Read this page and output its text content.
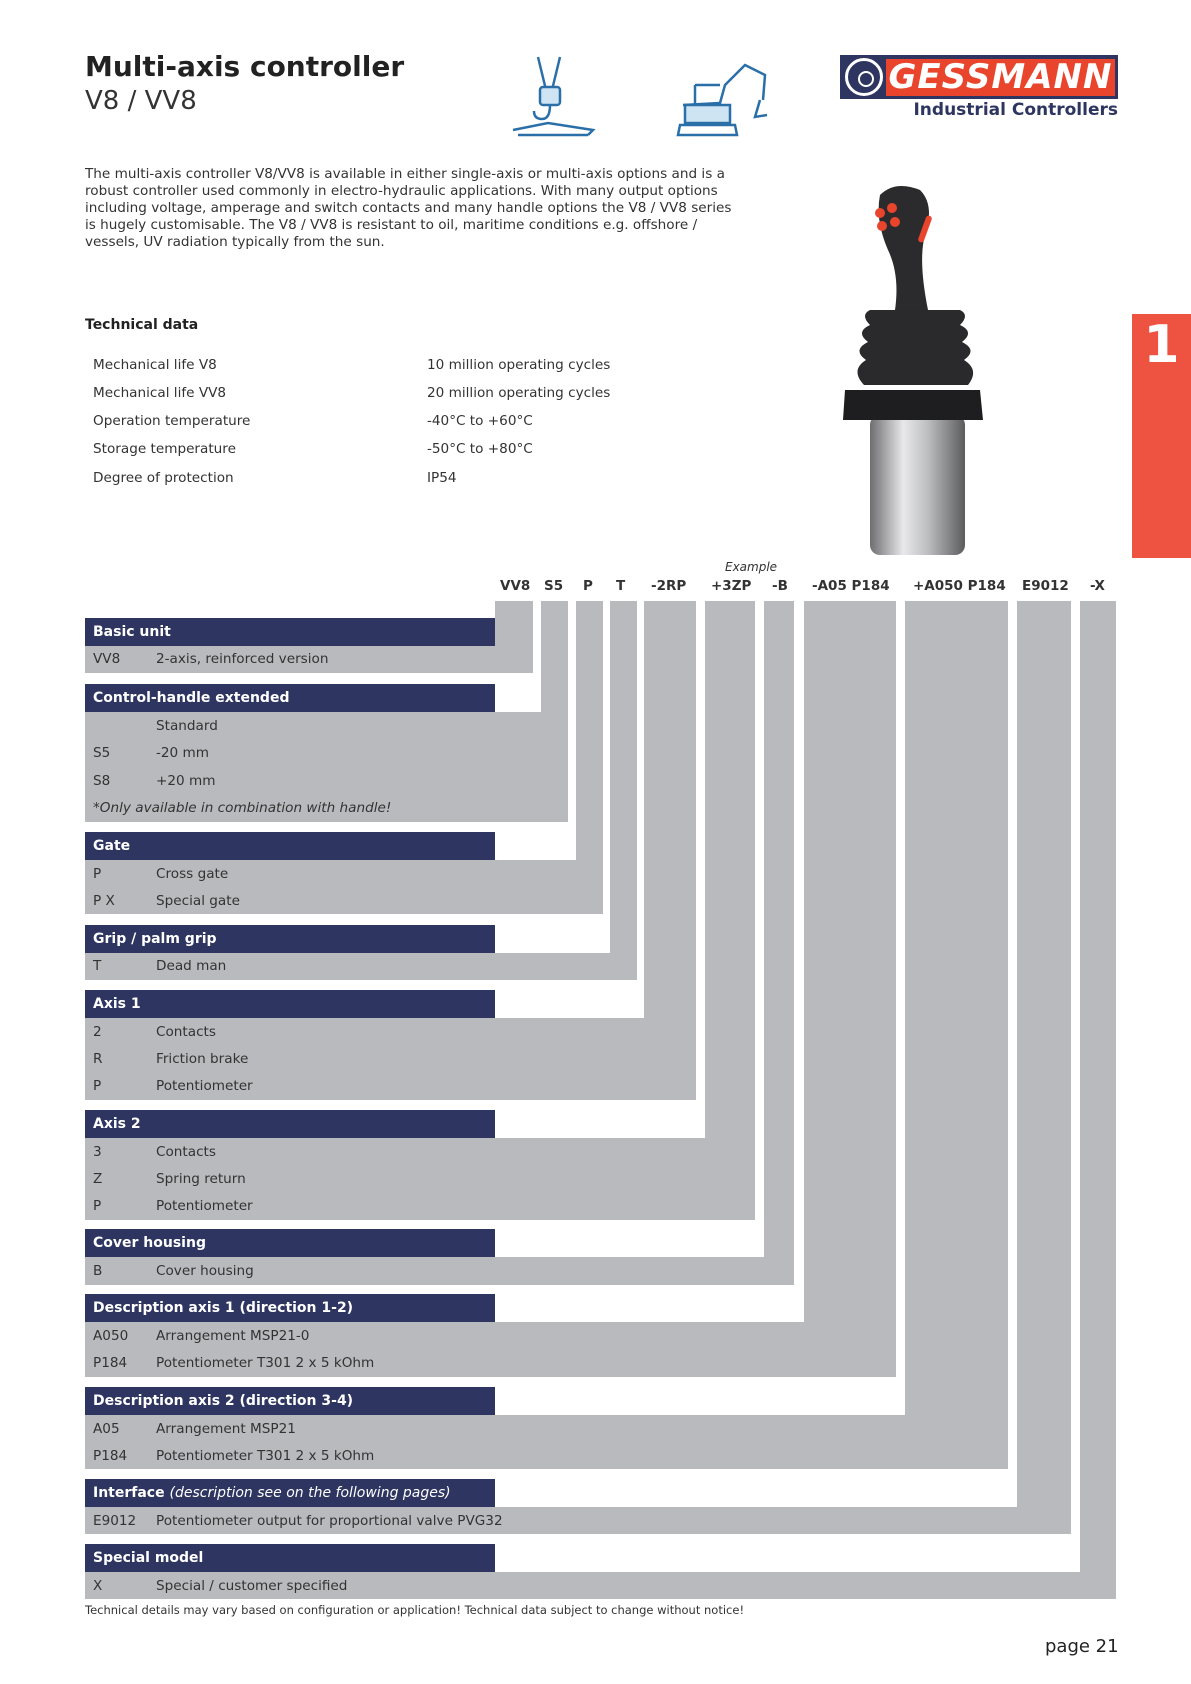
Multi-axis controller
V8 / VV8
GESSMANN
Industrial Controllers
The multi-axis controller V8/VV8 is available in either single-axis or multi-axis options and is a robust controller used commonly in electro-hydraulic applications. With many output options including voltage, amperage and switch contacts and many handle options the V8 / VV8 series is hugely customisable. The V8 / VV8 is resistant to oil, maritime conditions e.g. offshore / vessels, UV radiation typically from the sun.
Technical data
Mechanical life V8	10 million operating cycles
Mechanical life VV8	20 million operating cycles
Operation temperature	-40°C to +60°C
Storage temperature	-50°C to +80°C
Degree of protection	IP54
1
Example
VV8 S5 P T -2RP +3ZP -B -A05 P184 +A050 P184 E9012 -X
Basic unit
VV8	2-axis, reinforced version
Control-handle extended
Standard
S5	-20 mm
S8	+20 mm
*Only available in combination with handle!
Gate
P	Cross gate
P X	Special gate
Grip / palm grip
T	Dead man
Axis 1
2	Contacts
R	Friction brake
P	Potentiometer
Axis 2
3	Contacts
Z	Spring return
P	Potentiometer
Cover housing
B	Cover housing
Description axis 1 (direction 1-2)
A050 Arrangement MSP21-0
P184 Potentiometer T301 2 x 5 kOhm
Description axis 2 (direction 3-4)
A05	Arrangement MSP21
P184 Potentiometer T301 2 x 5 kOhm
Interface (description see on the following pages)
E9012 Potentiometer output for proportional valve PVG32
Special model
X	Special / customer specified
Technical details may vary based on configuration or application! Technical data subject to change without notice!
page 21
